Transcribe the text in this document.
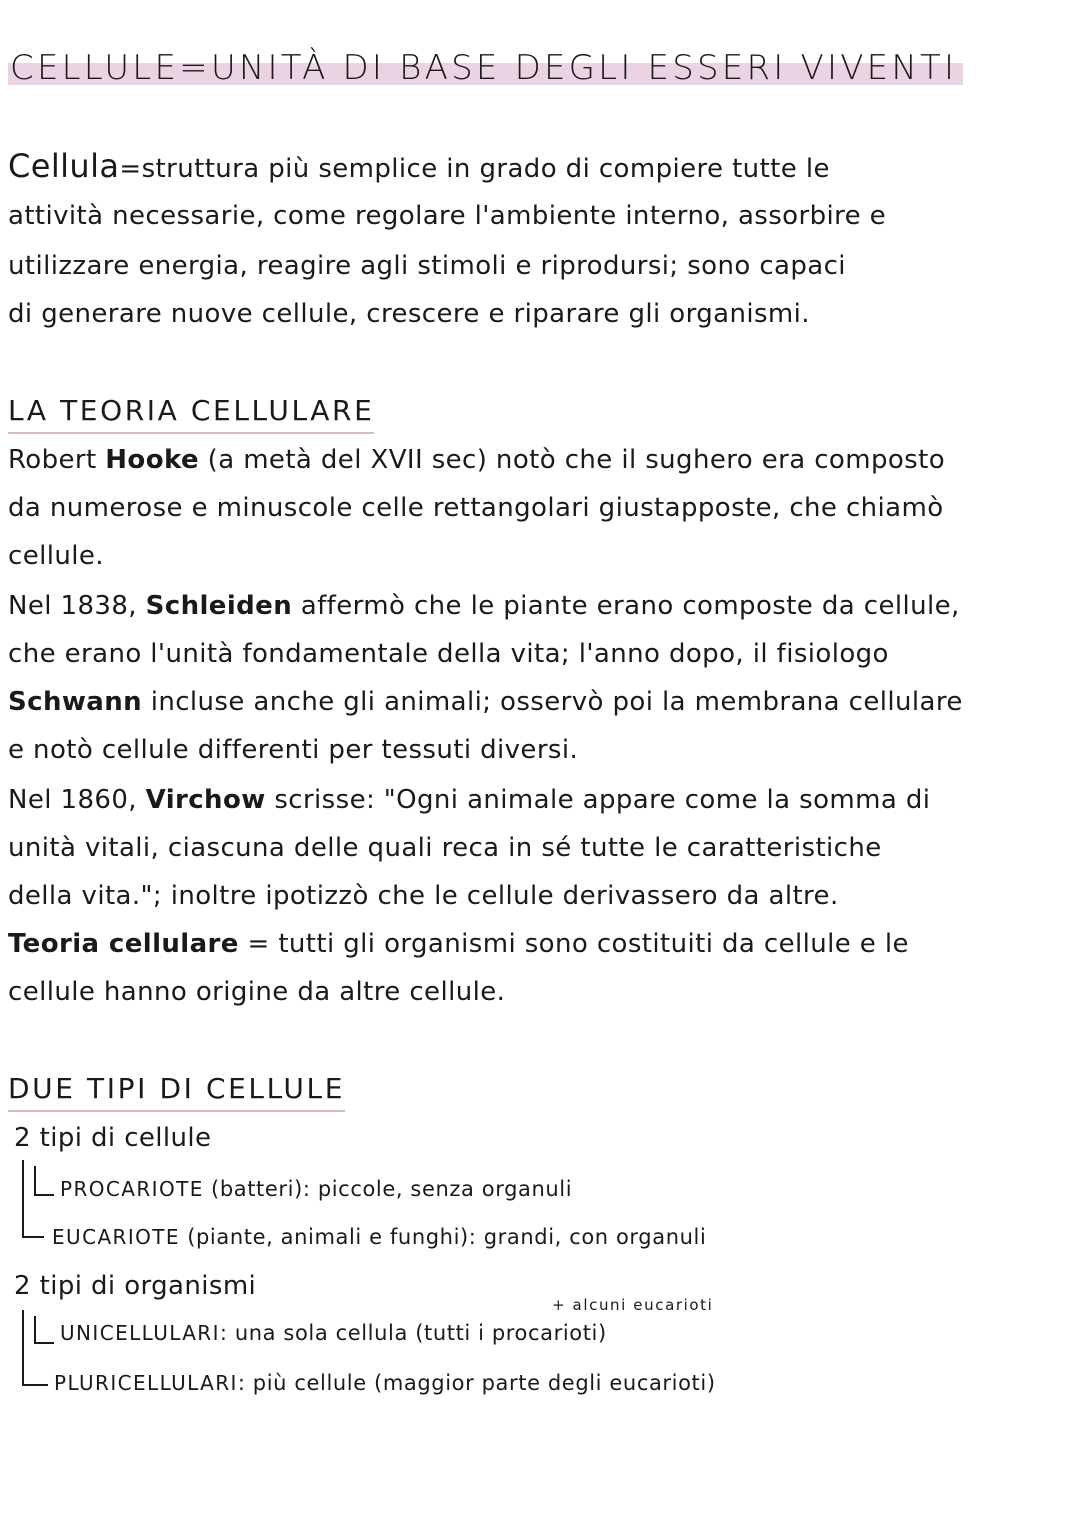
CELLULE=UNITÀ DI BASE DEGLI ESSERI VIVENTI
Cellula=struttura più semplice in grado di compiere tutte le
attività necessarie, come regolare l'ambiente interno, assorbire e
utilizzare energia, reagire agli stimoli e riprodursi; sono capaci
di generare nuove cellule, crescere e riparare gli organismi.
LA TEORIA CELLULARE
Robert Hooke (a metà del XVII sec) notò che il sughero era composto
da numerose e minuscole celle rettangolari giustapposte, che chiamò
cellule.
Nel 1838, Schleiden affermò che le piante erano composte da cellule,
che erano l'unità fondamentale della vita; l'anno dopo, il fisiologo
Schwann incluse anche gli animali; osservò poi la membrana cellulare
e notò cellule differenti per tessuti diversi.
Nel 1860, Virchow scrisse: "Ogni animale appare come la somma di
unità vitali, ciascuna delle quali reca in sé tutte le caratteristiche
della vita."; inoltre ipotizzò che le cellule derivassero da altre.
Teoria cellulare = tutti gli organismi sono costituiti da cellule e le
cellule hanno origine da altre cellule.
DUE TIPI DI CELLULE
2 tipi di cellule
PROCARIOTE (batteri): piccole, senza organuli
EUCARIOTE (piante, animali e funghi): grandi, con organuli
2 tipi di organismi
+ alcuni eucarioti
UNICELLULARI: una sola cellula (tutti i procarioti)
PLURICELLULARI: più cellule (maggior parte degli eucarioti)
